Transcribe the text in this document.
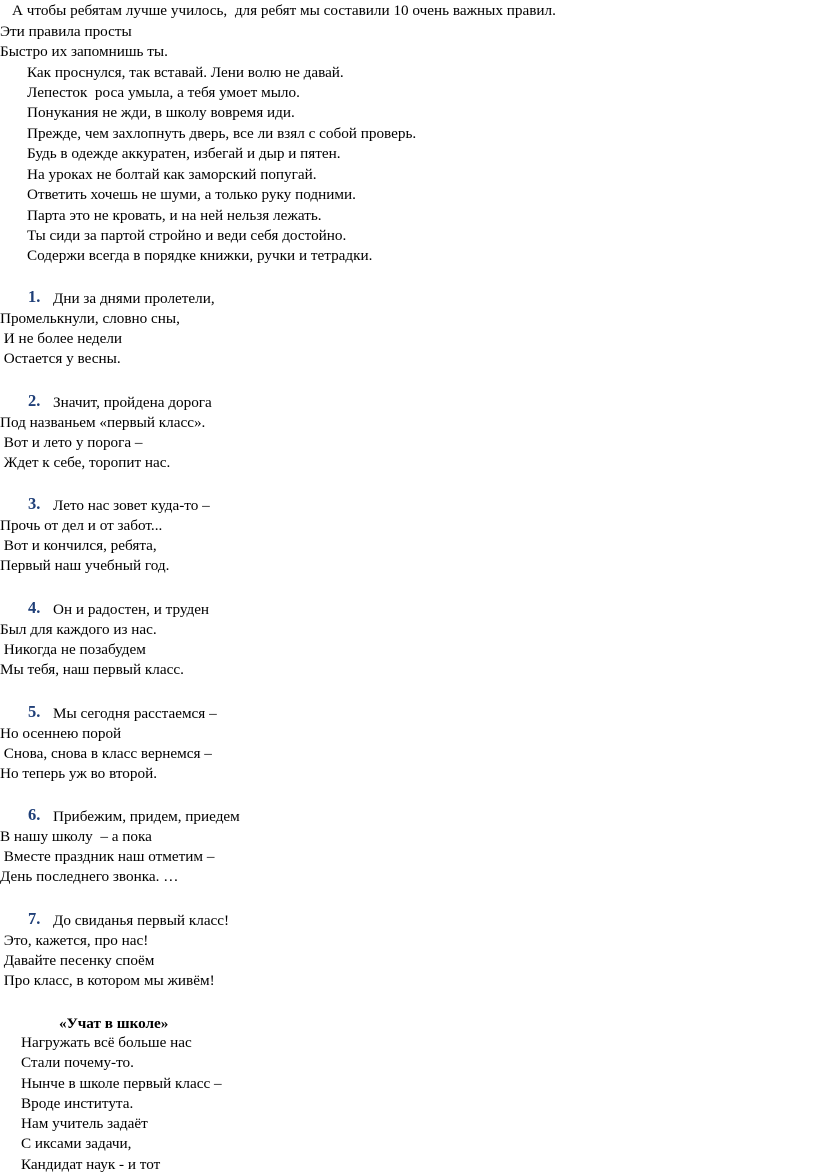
А чтобы ребятам лучше училось,  для ребят мы составили 10 очень важных правил.
Эти правила просты
Быстро их запомнишь ты.
Как проснулся, так вставай. Лени волю не давай.
Лепесток  роса умыла, а тебя умоет мыло.
Понукания не жди, в школу вовремя иди.
Прежде, чем захлопнуть дверь, все ли взял с собой проверь.
Будь в одежде аккуратен, избегай и дыр и пятен.
На уроках не болтай как заморский попугай.
Ответить хочешь не шуми, а только руку подними.
Парта это не кровать, и на ней нельзя лежать.
Ты сиди за партой стройно и веди себя достойно.
Содержи всегда в порядке книжки, ручки и тетрадки.
1. Дни за днями пролетели,
Промелькнули, словно сны,
И не более недели
Остается у весны.
2. Значит, пройдена дорога
Под названьем «первый класс».
Вот и лето у порога –
Ждет к себе, торопит нас.
3. Лето нас зовет куда-то –
Прочь от дел и от забот...
Вот и кончился, ребята,
Первый наш учебный год.
4. Он и радостен, и труден
Был для каждого из нас.
Никогда не позабудем
Мы тебя, наш первый класс.
5. Мы сегодня расстаемся –
Но осеннею порой
Снова, снова в класс вернемся –
Но теперь уж во второй.
6. Прибежим, придем, приедем
В нашу школу  – а пока
Вместе праздник наш отметим –
День последнего звонка. …
7. До свиданья первый класс!
Это, кажется, про нас!
Давайте песенку споём
Про класс, в котором мы живём!
«Учат в школе»
Нагружать всё больше нас
Стали почему-то.
Нынче в школе первый класс –
Вроде института.
Нам учитель задаёт
С иксами задачи,
Кандидат наук - и тот
